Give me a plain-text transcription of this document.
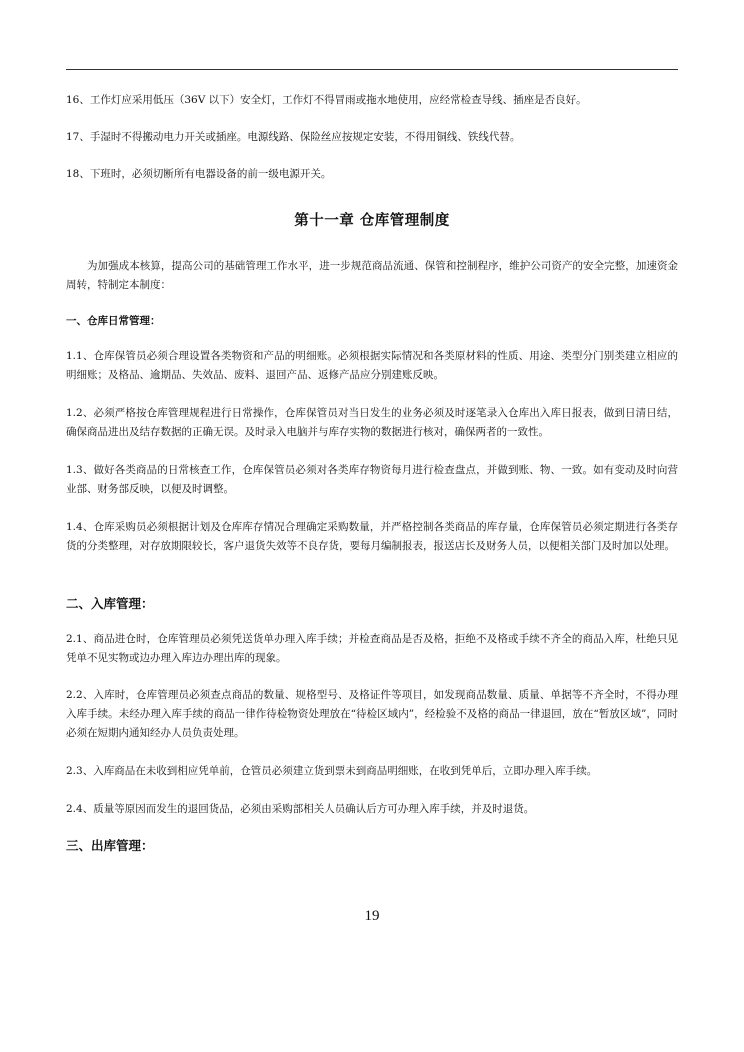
16、工作灯应采用低压（36V 以下）安全灯，工作灯不得冒雨或拖水地使用，应经常检查导线、插座是否良好。
17、手湿时不得搬动电力开关或插座。电源线路、保险丝应按规定安装，不得用铜线、铁线代替。
18、下班时，必须切断所有电器设备的前一级电源开关。
第十一章 仓库管理制度
为加强成本核算，提高公司的基础管理工作水平，进一步规范商品流通、保管和控制程序，维护公司资产的安全完整，加速资金周转，特制定本制度：
一、仓库日常管理：
1.1、仓库保管员必须合理设置各类物资和产品的明细账。必须根据实际情况和各类原材料的性质、用途、类型分门别类建立相应的明细账；及格品、逾期品、失效品、废料、退回产品、返修产品应分别建账反映。
1.2、必须严格按仓库管理规程进行日常操作，仓库保管员对当日发生的业务必须及时逐笔录入仓库出入库日报表，做到日清日结，确保商品进出及结存数据的正确无误。及时录入电脑并与库存实物的数据进行核对，确保两者的一致性。
1.3、做好各类商品的日常核查工作，仓库保管员必须对各类库存物资每月进行检查盘点，并做到账、物、一致。如有变动及时向营业部、财务部反映，以便及时调整。
1.4、仓库采购员必须根据计划及仓库库存情况合理确定采购数量，并严格控制各类商品的库存量，仓库保管员必须定期进行各类存货的分类整理，对存放期限较长，客户退货失效等不良存货，要每月编制报表，报送店长及财务人员，以便相关部门及时加以处理。
二、入库管理：
2.1、商品进仓时，仓库管理员必须凭送货单办理入库手续；并检查商品是否及格，拒绝不及格或手续不齐全的商品入库，杜绝只见凭单不见实物或边办理入库边办理出库的现象。
2.2、入库时，仓库管理员必须查点商品的数量、规格型号、及格证件等项目，如发现商品数量、质量、单据等不齐全时，不得办理入库手续。未经办理入库手续的商品一律作待检物资处理放在“待检区域内”，经检验不及格的商品一律退回，放在“暂放区域”，同时必须在短期内通知经办人员负责处理。
2.3、入库商品在未收到相应凭单前，仓管员必须建立货到票未到商品明细账，在收到凭单后，立即办理入库手续。
2.4、质量等原因而发生的退回货品，必须由采购部相关人员确认后方可办理入库手续，并及时退货。
三、出库管理：
19
